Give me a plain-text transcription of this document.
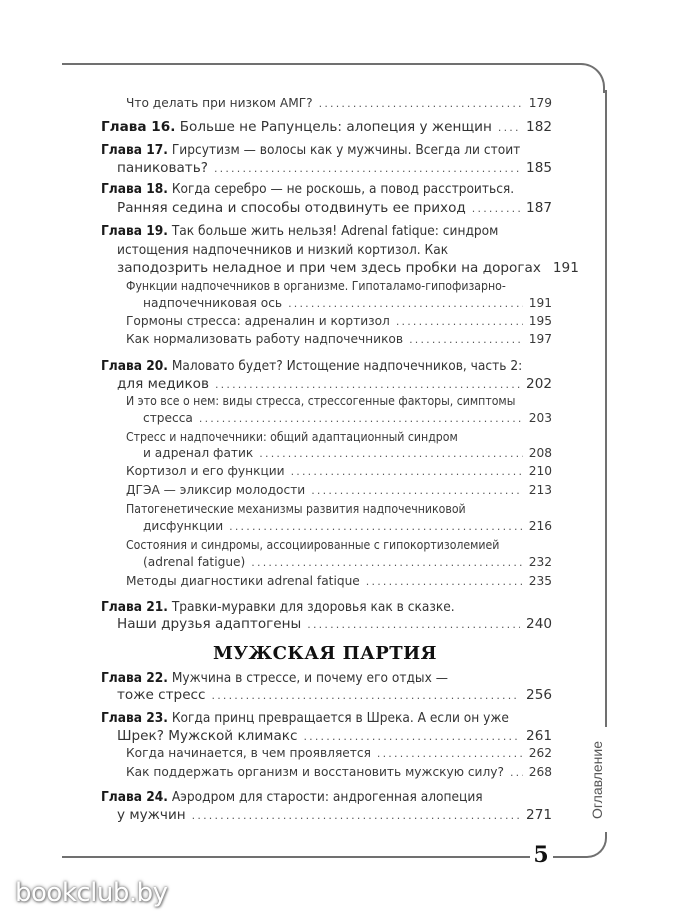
5
Оглавление
bookclub.by
Что делать при низком АМГ? .....	179
Глава 16. Больше не Рапунцель: алопеция у женщин .....	182
Глава 17. Гирсутизм — волосы как у мужчины. Всегда ли стоит
паниковать? .....	185
Глава 18. Когда серебро — не роскошь, а повод расстроиться.
Ранняя седина и способы отодвинуть ее приход .....	187
Глава 19. Так больше жить нельзя! Adrenal fatique: синдром
истощения надпочечников и низкий кортизол. Как
заподозрить неладное и при чем здесь пробки на дорогах 191
Функции надпочечников в организме. Гипоталамо-гипофизарно-
надпочечниковая ось .....	191
Гормоны стресса: адреналин и кортизол .....	195
Как нормализовать работу надпочечников .....	197
Глава 20. Маловато будет? Истощение надпочечников, часть 2:
для медиков .....	202
И это все о нем: виды стресса, стрессогенные факторы, симптомы
стресса .....	203
Стресс и надпочечники: общий адаптационный синдром
и адренал фатик .....	208
Кортизол и его функции .....	210
ДГЭА — эликсир молодости .....	213
Патогенетические механизмы развития надпочечниковой
дисфункции .....	216
Состояния и синдромы, ассоциированные с гипокортизолемией
(adrenal fatigue) .....	232
Методы диагностики adrenal fatique .....	235
Глава 21. Травки-муравки для здоровья как в сказке.
Наши друзья адаптогены .....	240
МУЖСКАЯ ПАРТИЯ
Глава 22. Мужчина в стрессе, и почему его отдых —
тоже стресс .....	256
Глава 23. Когда принц превращается в Шрека. А если он уже
Шрек? Мужской климакс .....	261
Когда начинается, в чем проявляется .....	262
Как поддержать организм и восстановить мужскую силу? ..... 268
Глава 24. Аэродром для старости: андрогенная алопеция
у мужчин .....	271
